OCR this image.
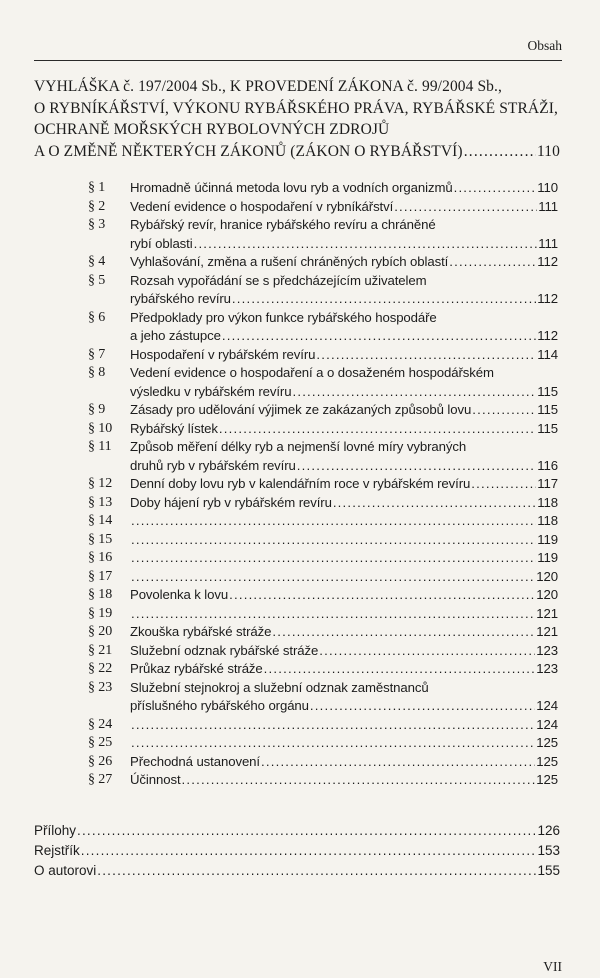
Obsah
VYHLÁŠKA č. 197/2004 Sb., K PROVEDENÍ ZÁKONA č. 99/2004 Sb.,
O RYBNÍKÁŘSTVÍ, VÝKONU RYBÁŘSKÉHO PRÁVA, RYBÁŘSKÉ STRÁŽI,
OCHRANĚ MOŘSKÝCH RYBOLOVNÝCH ZDROJŮ
A O ZMĚNĚ NĚKTERÝCH ZÁKONŮ (ZÁKON O RYBÁŘSTVÍ) .....	110
§ 1	Hromadně účinná metoda lovu ryb a vodních organizmů .....	110
§ 2	Vedení evidence o hospodaření v rybníkářství .....	111
§ 3	Rybářský revír, hranice rybářského revíru a chráněné
rybí oblasti .....	111
§ 4	Vyhlašování, změna a rušení chráněných rybích oblastí .....	112
§ 5	Rozsah vypořádání se s předcházejícím uživatelem
rybářského revíru .....	112
§ 6	Předpoklady pro výkon funkce rybářského hospodáře
a jeho zástupce .....	112
§ 7	Hospodaření v rybářském revíru .....	114
§ 8	Vedení evidence o hospodaření a o dosaženém hospodářském
výsledku v rybářském revíru .....	115
§ 9	Zásady pro udělování výjimek ze zakázaných způsobů lovu .....	115
§ 10	Rybářský lístek .....	115
§ 11	Způsob měření délky ryb a nejmenší lovné míry vybraných
druhů ryb v rybářském revíru .....	116
§ 12	Denní doby lovu ryb v kalendářním roce v rybářském revíru .....	117
§ 13	Doby hájení ryb v rybářském revíru .....	118
§ 14 .....	118
§ 15 .....	119
§ 16 .....	119
§ 17 .....	120
§ 18	Povolenka k lovu .....	120
§ 19 .....	121
§ 20	Zkouška rybářské stráže .....	121
§ 21	Služební odznak rybářské stráže .....	123
§ 22	Průkaz rybářské stráže .....	123
§ 23	Služební stejnokroj a služební odznak zaměstnanců
příslušného rybářského orgánu .....	124
§ 24 .....	124
§ 25 .....	125
§ 26	Přechodná ustanovení .....	125
§ 27	Účinnost .....	125
Přílohy .....	126
Rejstřík .....	153
O autorovi .....	155
VII
